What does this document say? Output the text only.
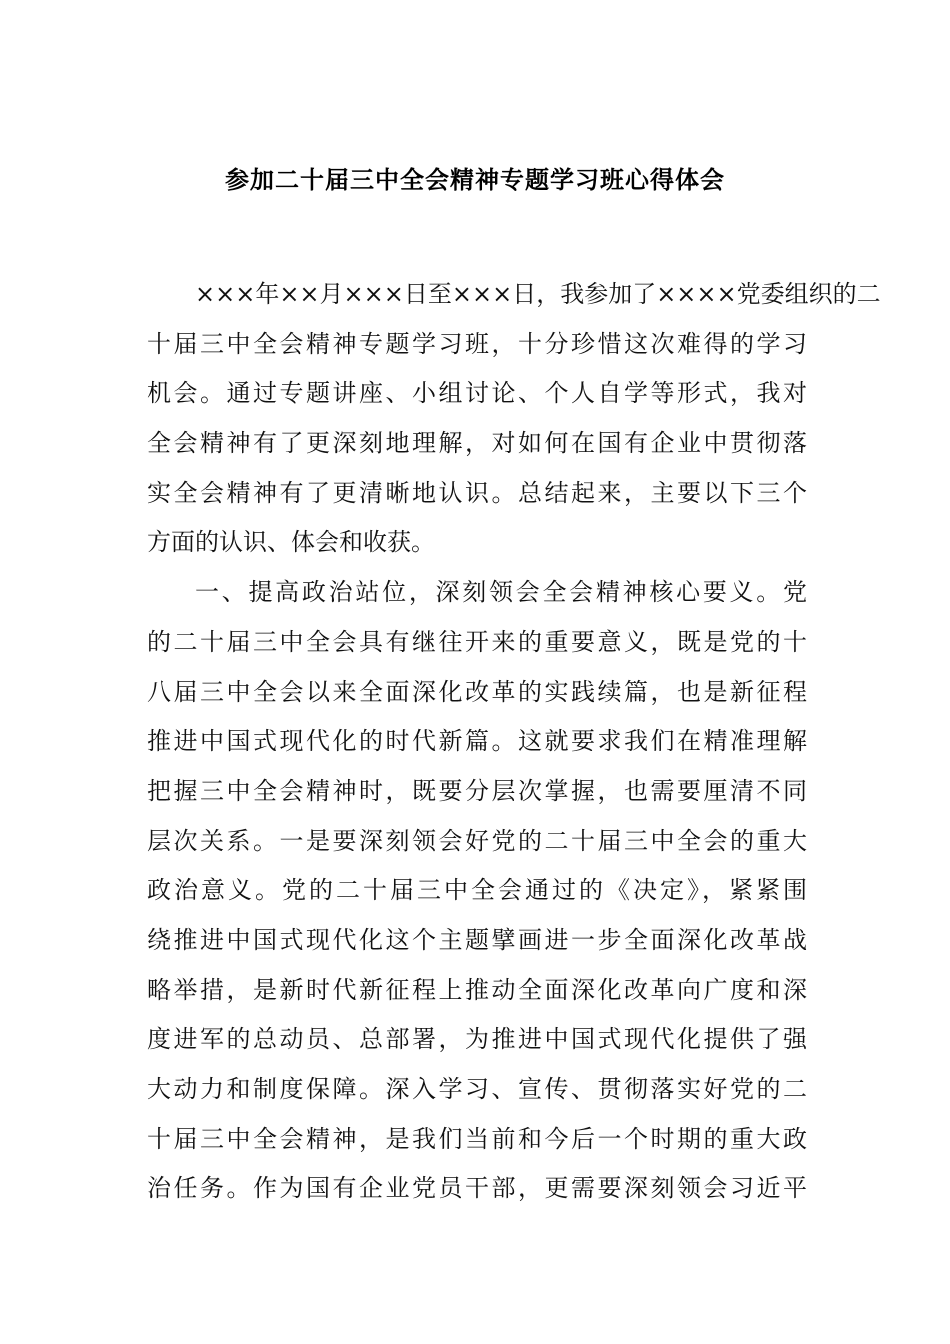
参加二十届三中全会精神专题学习班心得体会
×××年××月×××日至×××日，我参加了××××党委组织的二
十届三中全会精神专题学习班，十分珍惜这次难得的学习
机会。通过专题讲座、小组讨论、个人自学等形式，我对
全会精神有了更深刻地理解，对如何在国有企业中贯彻落
实全会精神有了更清晰地认识。总结起来，主要以下三个
方面的认识、体会和收获。
一、提高政治站位，深刻领会全会精神核心要义。党
的二十届三中全会具有继往开来的重要意义，既是党的十
八届三中全会以来全面深化改革的实践续篇，也是新征程
推进中国式现代化的时代新篇。这就要求我们在精准理解
把握三中全会精神时，既要分层次掌握，也需要厘清不同
层次关系。一是要深刻领会好党的二十届三中全会的重大
政治意义。党的二十届三中全会通过的《决定》，紧紧围
绕推进中国式现代化这个主题擘画进一步全面深化改革战
略举措，是新时代新征程上推动全面深化改革向广度和深
度进军的总动员、总部署，为推进中国式现代化提供了强
大动力和制度保障。深入学习、宣传、贯彻落实好党的二
十届三中全会精神，是我们当前和今后一个时期的重大政
治任务。作为国有企业党员干部，更需要深刻领会习近平
